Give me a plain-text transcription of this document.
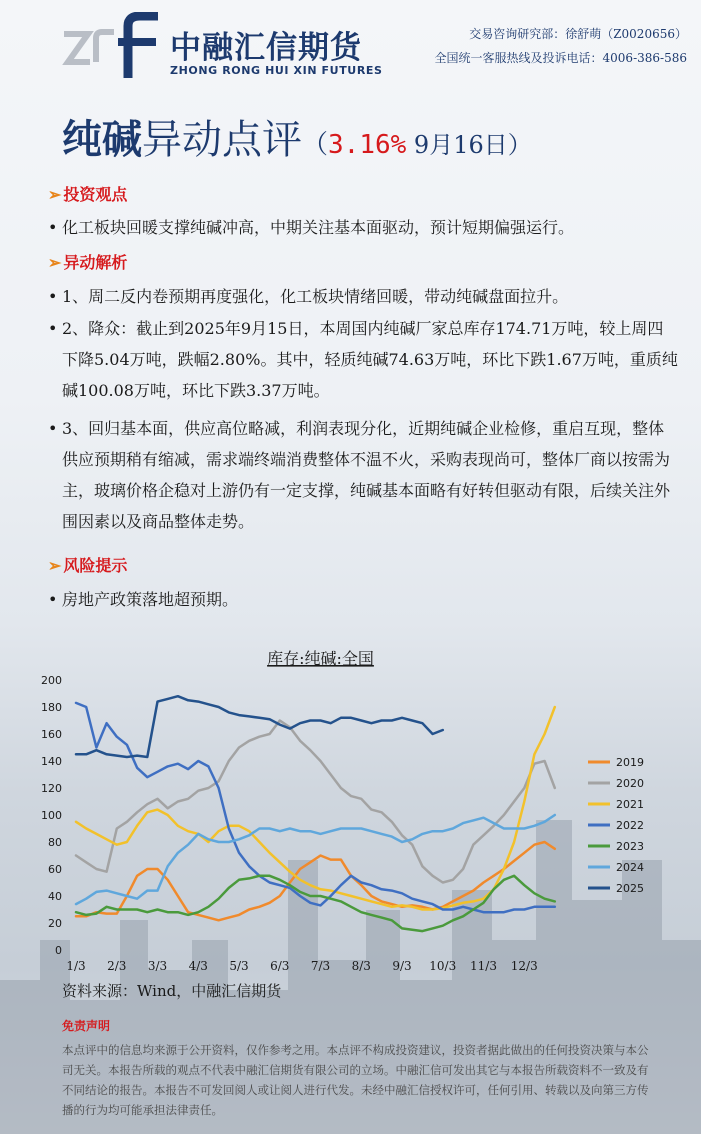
中融汇信期货
ZHONG RONG HUI XIN FUTURES
交易咨询研究部：徐舒萌（Z0020656）
全国统一客服热线及投诉电话：4006-386-586
纯碱异动点评（3.16% 9月16日）
➢ 投资观点
• 化工板块回暖支撑纯碱冲高，中期关注基本面驱动，预计短期偏强运行。
➢ 异动解析
• 1、周二反内卷预期再度强化，化工板块情绪回暖，带动纯碱盘面拉升。
• 2、降众：截止到2025年9月15日，本周国内纯碱厂家总库存174.71万吨，较上周四下降5.04万吨，跌幅2.80%。其中，轻质纯碱74.63万吨，环比下跌1.67万吨，重质纯碱100.08万吨，环比下跌3.37万吨。
• 3、回归基本面，供应高位略减，利润表现分化，近期纯碱企业检修，重启互现，整体供应预期稍有缩减，需求端终端消费整体不温不火，采购表现尚可，整体厂商以按需为主，玻璃价格企稳对上游仍有一定支撑，纯碱基本面略有好转但驱动有限，后续关注外围因素以及商品整体走势。
➢ 风险提示
• 房地产政策落地超预期。
库存:纯碱:全国
0
20
40
60
80
100
120
140
160
180
200
1/3 2/3 3/3 4/3 5/3 6/3 7/3 8/3 9/3 10/3 11/3 12/3
2019
2020
2021
2022
2023
2024
2025
资料来源：Wind，中融汇信期货
免责声明
本点评中的信息均来源于公开资料，仅作参考之用。本点评不构成投资建议，投资者据此做出的任何投资决策与本公司无关。本报告所载的观点不代表中融汇信期货有限公司的立场。中融汇信可发出其它与本报告所载资料不一致及有不同结论的报告。本报告不可发回阅人或让阅人进行代发。未经中融汇信授权许可，任何引用、转载以及向第三方传播的行为均可能承担法律责任。
